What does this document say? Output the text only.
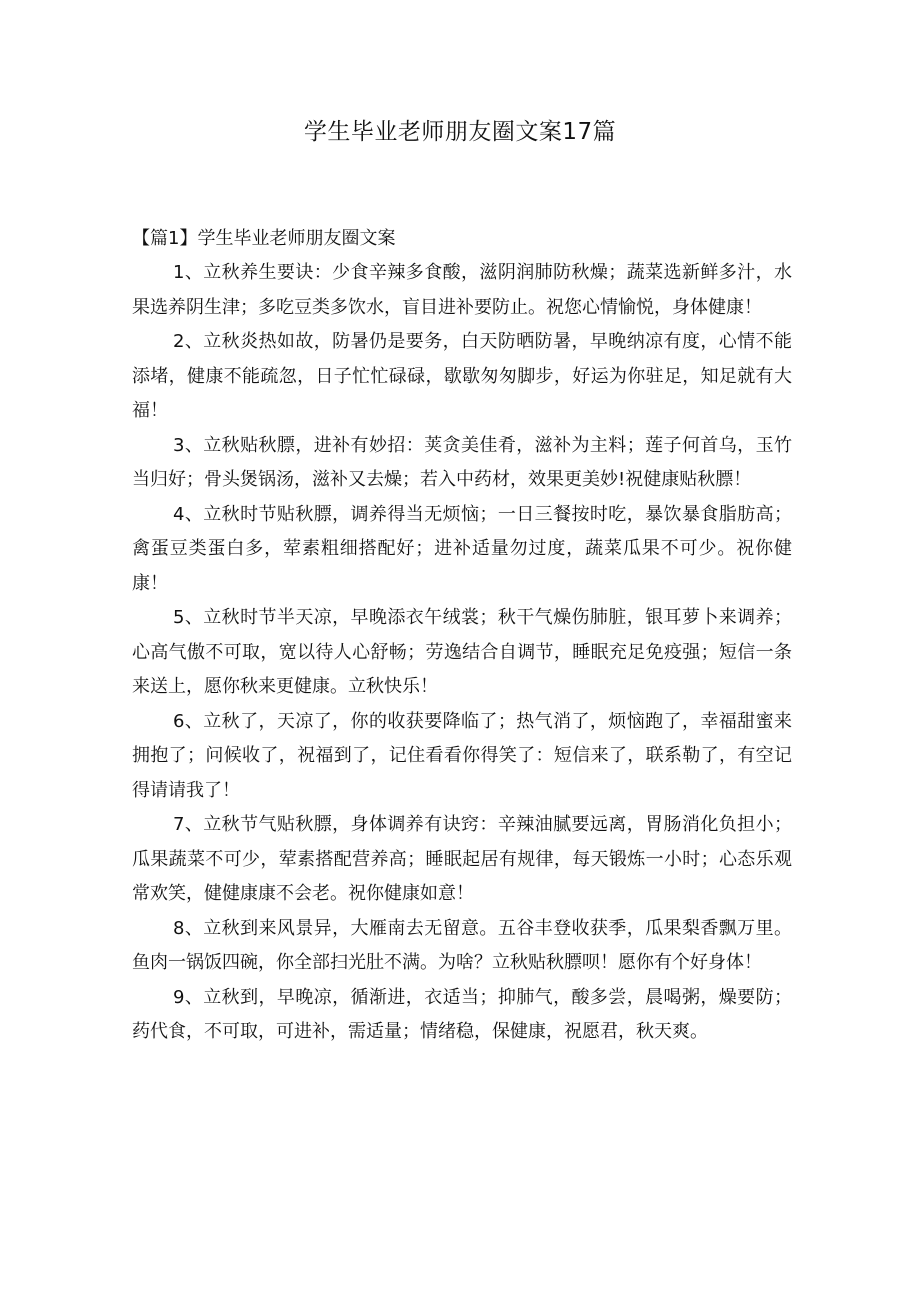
学生毕业老师朋友圈文案17篇
【篇1】学生毕业老师朋友圈文案

1、立秋养生要诀：少食辛辣多食酸，滋阴润肺防秋燥；蔬菜选新鲜多汁，水果选养阴生津；多吃豆类多饮水，盲目进补要防止。祝您心情愉悦，身体健康！

2、立秋炎热如故，防暑仍是要务，白天防晒防暑，早晚纳凉有度，心情不能添堵，健康不能疏忽，日子忙忙碌碌，歇歇匆匆脚步，好运为你驻足，知足就有大福！

3、立秋贴秋膘，进补有妙招：荚贪美佳肴，滋补为主料；莲子何首乌，玉竹当归好；骨头煲锅汤，滋补又去燥；若入中药材，效果更美妙!祝健康贴秋膘！

4、立秋时节贴秋膘，调养得当无烦恼；一日三餐按时吃，暴饮暴食脂肪高；禽蛋豆类蛋白多，荤素粗细搭配好；进补适量勿过度，蔬菜瓜果不可少。祝你健康！

5、立秋时节半天凉，早晚添衣午绒裳；秋干气燥伤肺脏，银耳萝卜来调养；心高气傲不可取，宽以待人心舒畅；劳逸结合自调节，睡眠充足免疫强；短信一条来送上，愿你秋来更健康。立秋快乐！

6、立秋了，天凉了，你的收获要降临了；热气消了，烦恼跑了，幸福甜蜜来拥抱了；问候收了，祝福到了，记住看看你得笑了：短信来了，联系勒了，有空记得请请我了！

7、立秋节气贴秋膘，身体调养有诀窍：辛辣油腻要远离，胃肠消化负担小；瓜果蔬菜不可少，荤素搭配营养高；睡眠起居有规律，每天锻炼一小时；心态乐观常欢笑，健健康康不会老。祝你健康如意！

8、立秋到来风景异，大雁南去无留意。五谷丰登收获季，瓜果梨香飘万里。鱼肉一锅饭四碗，你全部扫光肚不满。为啥？立秋贴秋膘呗！愿你有个好身体！

9、立秋到，早晚凉，循渐进，衣适当；抑肺气，酸多尝，晨喝粥，燥要防；药代食，不可取，可进补，需适量；情绪稳，保健康，祝愿君，秋天爽。
